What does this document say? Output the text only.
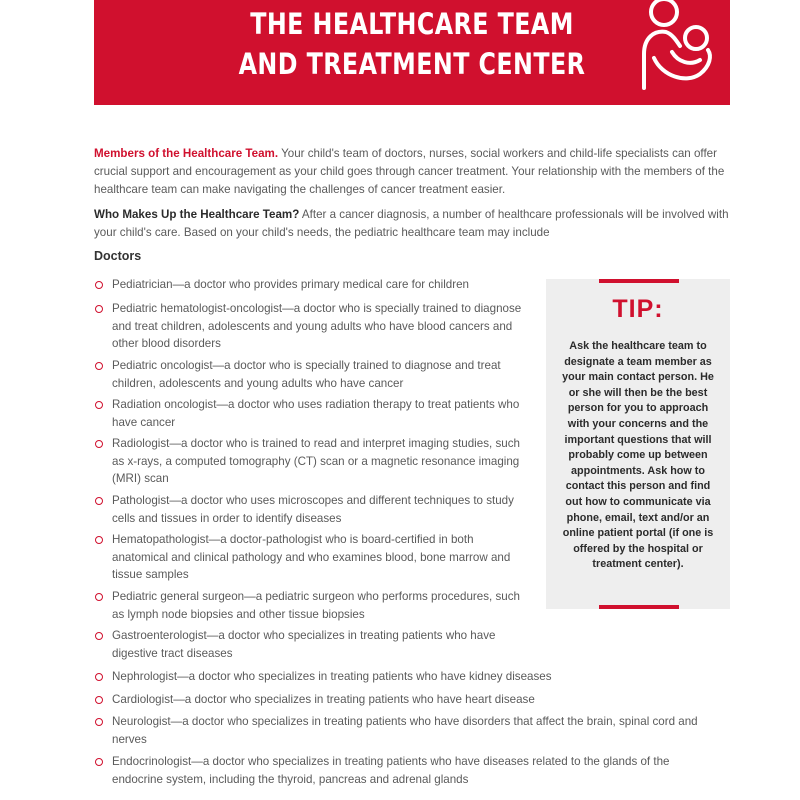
THE HEALTHCARE TEAM
AND TREATMENT CENTER
Members of the Healthcare Team. Your child's team of doctors, nurses, social workers and child-life specialists can offer crucial support and encouragement as your child goes through cancer treatment. Your relationship with the members of the healthcare team can make navigating the challenges of cancer treatment easier.
Who Makes Up the Healthcare Team? After a cancer diagnosis, a number of healthcare professionals will be involved with your child's care. Based on your child's needs, the pediatric healthcare team may include
Doctors
Pediatrician—a doctor who provides primary medical care for children
Pediatric hematologist-oncologist—a doctor who is specially trained to diagnose and treat children, adolescents and young adults who have blood cancers and other blood disorders
Pediatric oncologist—a doctor who is specially trained to diagnose and treat children, adolescents and young adults who have cancer
Radiation oncologist—a doctor who uses radiation therapy to treat patients who have cancer
Radiologist—a doctor who is trained to read and interpret imaging studies, such as x-rays, a computed tomography (CT) scan or a magnetic resonance imaging (MRI) scan
Pathologist—a doctor who uses microscopes and different techniques to study cells and tissues in order to identify diseases
Hematopathologist—a doctor-pathologist who is board-certified in both anatomical and clinical pathology and who examines blood, bone marrow and tissue samples
Pediatric general surgeon—a pediatric surgeon who performs procedures, such as lymph node biopsies and other tissue biopsies
Gastroenterologist—a doctor who specializes in treating patients who have digestive tract diseases
Nephrologist—a doctor who specializes in treating patients who have kidney diseases
Cardiologist—a doctor who specializes in treating patients who have heart disease
Neurologist—a doctor who specializes in treating patients who have disorders that affect the brain, spinal cord and nerves
Endocrinologist—a doctor who specializes in treating patients who have diseases related to the glands of the endocrine system, including the thyroid, pancreas and adrenal glands
TIP:
Ask the healthcare team to designate a team member as your main contact person. He or she will then be the best person for you to approach with your concerns and the important questions that will probably come up between appointments. Ask how to contact this person and find out how to communicate via phone, email, text and/or an online patient portal (if one is offered by the hospital or treatment center).
